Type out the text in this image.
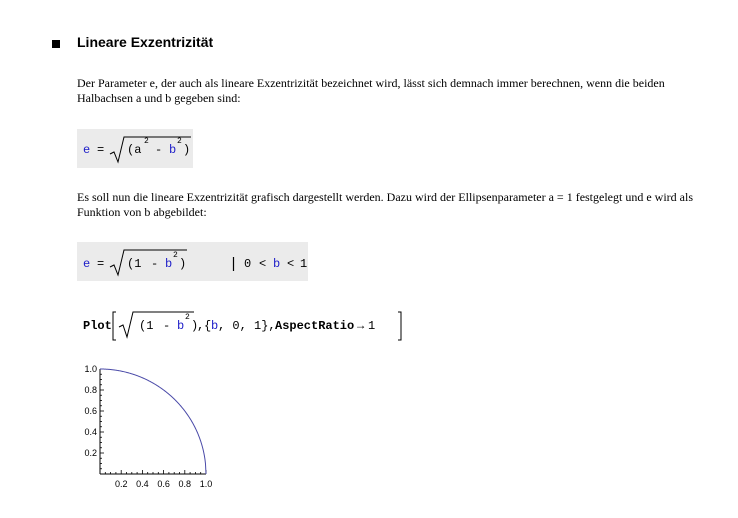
Lineare Exzentrizität
Der Parameter e, der auch als lineare Exzentrizität bezeichnet wird, lässt sich demnach immer berechnen, wenn die beiden
Halbachsen a und b gegeben sind:
e = (a
2
- b
2
)
Es soll nun die lineare Exzentrizität grafisch dargestellt werden. Dazu wird der Ellipsenparameter a = 1 festgelegt und e wird als
Funktion von b abgebildet:
e = (1 - b
2
)	| 0 < b < 1
Plot (1 - b
2
)
, { b , 0, 1}, AspectRatio → 1
0.2 0.4 0.6 0.8 1.0
0.2
0.4
0.6
0.8
1.0
